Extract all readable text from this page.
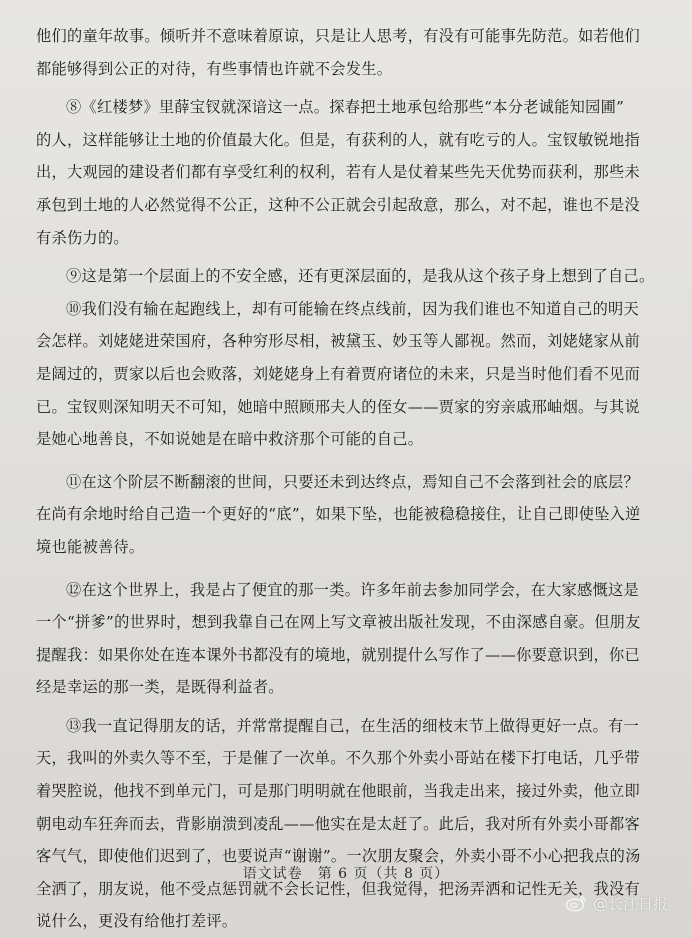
他们的童年故事。倾听并不意味着原谅，只是让人思考，有没有可能事先防范。如若他们
都能够得到公正的对待，有些事情也许就不会发生。
⑧《红楼梦》里薛宝钗就深谙这一点。探春把土地承包给那些“本分老诚能知园圃”
的人，这样能够让土地的价值最大化。但是，有获利的人，就有吃亏的人。宝钗敏锐地指
出，大观园的建设者们都有享受红利的权利，若有人是仗着某些先天优势而获利，那些未
承包到土地的人必然觉得不公正，这种不公正就会引起敌意，那么，对不起，谁也不是没
有杀伤力的。
⑨这是第一个层面上的不安全感，还有更深层面的，是我从这个孩子身上想到了自己。
⑩我们没有输在起跑线上，却有可能输在终点线前，因为我们谁也不知道自己的明天
会怎样。刘姥姥进荣国府，各种穷形尽相，被黛玉、妙玉等人鄙视。然而，刘姥姥家从前
是阔过的，贾家以后也会败落，刘姥姥身上有着贾府诸位的未来，只是当时他们看不见而
已。宝钗则深知明天不可知，她暗中照顾邢夫人的侄女——贾家的穷亲戚邢岫烟。与其说
是她心地善良，不如说她是在暗中救济那个可能的自己。
⑪在这个阶层不断翻滚的世间，只要还未到达终点，焉知自己不会落到社会的底层？
在尚有余地时给自己造一个更好的“底”，如果下坠，也能被稳稳接住，让自己即使坠入逆
境也能被善待。
⑫在这个世界上，我是占了便宜的那一类。许多年前去参加同学会，在大家感慨这是
一个“拼爹”的世界时，想到我靠自己在网上写文章被出版社发现，不由深感自豪。但朋友
提醒我：如果你处在连本课外书都没有的境地，就别提什么写作了——你要意识到，你已
经是幸运的那一类，是既得利益者。
⑬我一直记得朋友的话，并常常提醒自己，在生活的细枝末节上做得更好一点。有一
天，我叫的外卖久等不至，于是催了一次单。不久那个外卖小哥站在楼下打电话，几乎带
着哭腔说，他找不到单元门，可是那门明明就在他眼前，当我走出来，接过外卖，他立即
朝电动车狂奔而去，背影崩溃到凌乱——他实在是太赶了。此后，我对所有外卖小哥都客
客气气，即使他们迟到了，也要说声“谢谢”。一次朋友聚会，外卖小哥不小心把我点的汤
全洒了，朋友说，他不受点惩罚就不会长记性，但我觉得，把汤弄洒和记性无关，我没有
说什么，更没有给他打差评。
语文试卷　第 6 页（共 8 页）
@长江日报
